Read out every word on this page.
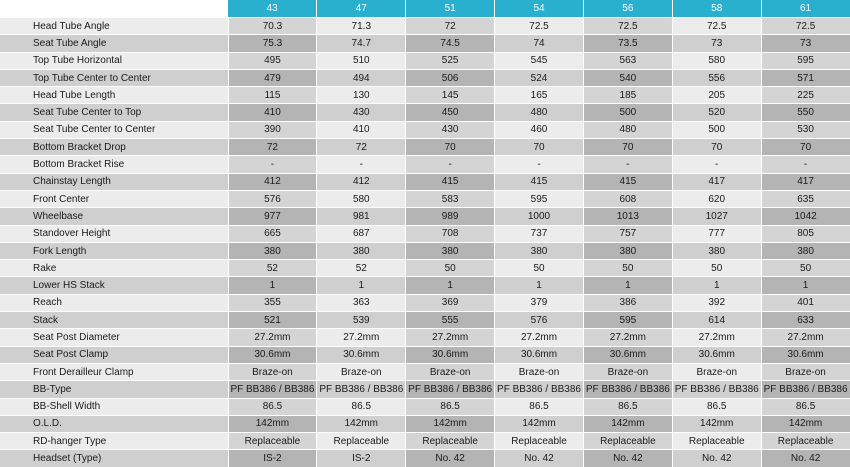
	43	47	51	54	56	58	61
Head Tube Angle	70.3	71.3	72	72.5	72.5	72.5	72.5
Seat Tube Angle	75.3	74.7	74.5	74	73.5	73	73
Top Tube Horizontal	495	510	525	545	563	580	595
Top Tube Center to Center	479	494	506	524	540	556	571
Head Tube Length	115	130	145	165	185	205	225
Seat Tube Center to Top	410	430	450	480	500	520	550
Seat Tube Center to Center	390	410	430	460	480	500	530
Bottom Bracket Drop	72	72	70	70	70	70	70
Bottom Bracket Rise	-	-	-	-	-	-	-
Chainstay Length	412	412	415	415	415	417	417
Front Center	576	580	583	595	608	620	635
Wheelbase	977	981	989	1000	1013	1027	1042
Standover Height	665	687	708	737	757	777	805
Fork Length	380	380	380	380	380	380	380
Rake	52	52	50	50	50	50	50
Lower HS Stack	1	1	1	1	1	1	1
Reach	355	363	369	379	386	392	401
Stack	521	539	555	576	595	614	633
Seat Post Diameter	27.2mm	27.2mm	27.2mm	27.2mm	27.2mm	27.2mm	27.2mm
Seat Post Clamp	30.6mm	30.6mm	30.6mm	30.6mm	30.6mm	30.6mm	30.6mm
Front Derailleur Clamp	Braze-on	Braze-on	Braze-on	Braze-on	Braze-on	Braze-on	Braze-on
BB-Type	PF BB386 / BB386	PF BB386 / BB386	PF BB386 / BB386	PF BB386 / BB386	PF BB386 / BB386	PF BB386 / BB386	PF BB386 / BB386
BB-Shell Width	86.5	86.5	86.5	86.5	86.5	86.5	86.5
O.L.D.	142mm	142mm	142mm	142mm	142mm	142mm	142mm
RD-hanger Type	Replaceable	Replaceable	Replaceable	Replaceable	Replaceable	Replaceable	Replaceable
Headset (Type)	IS-2	IS-2	No. 42	No. 42	No. 42	No. 42	No. 42
